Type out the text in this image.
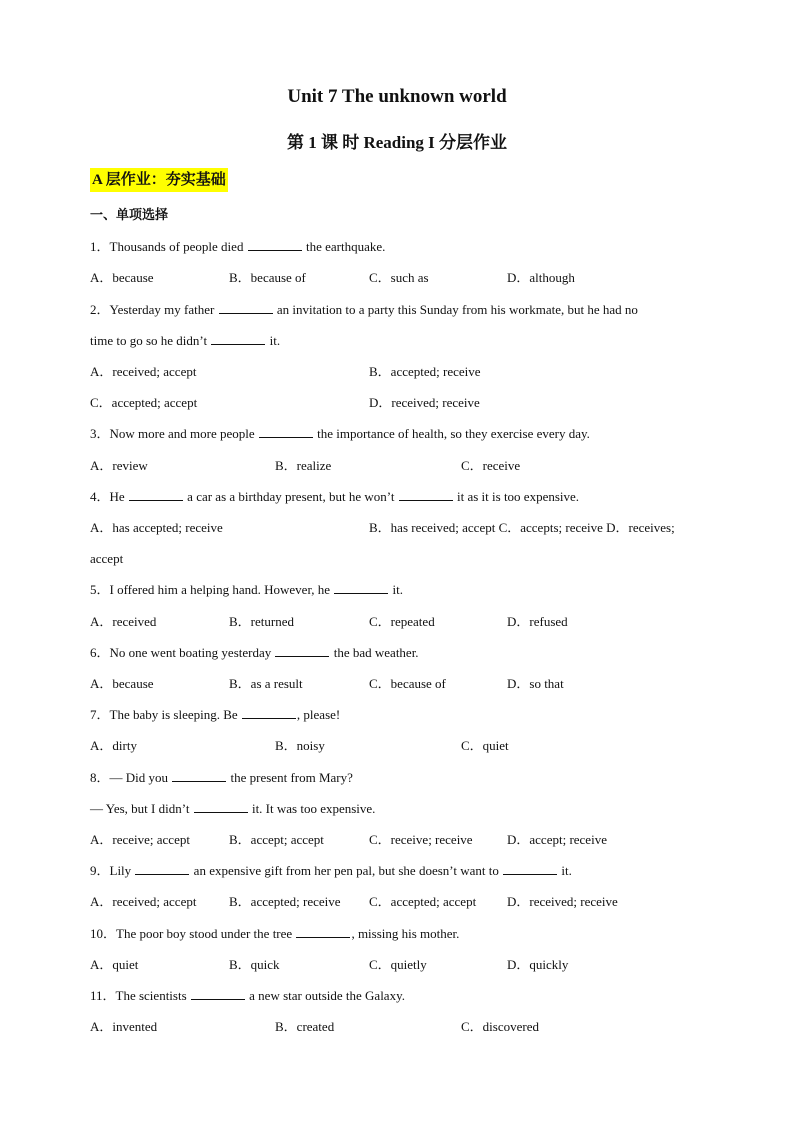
Unit 7 The unknown world
第 1 课 时 Reading I 分层作业
A 层作业：夯实基础
一、单项选择
1．Thousands of people died	the earthquake.
A．because	B．because of	C．such as	D．although
2．Yesterday my father	an invitation to a party this Sunday from his workmate, but he had no
time to go so he didn’t	it.
A．received; accept	B．accepted; receive
C．accepted; accept	D．received; receive
3．Now more and more people	the importance of health, so they exercise every day.
A．review	B．realize	C．receive
4．He	a car as a birthday present, but he won’t	it as it is too expensive.
A．has accepted; receive	B．has received; accept C．accepts; receive D．receives;
accept
5．I offered him a helping hand. However, he	it.
A．received	B．returned	C．repeated	D．refused
6．No one went boating yesterday	the bad weather.
A．because	B．as a result	C．because of	D．so that
7．The baby is sleeping. Be	, please!
A．dirty	B．noisy	C．quiet
8．— Did you	the present from Mary?
— Yes, but I didn’t	it. It was too expensive.
A．receive; accept	B．accept; accept	C．receive; receive	D．accept; receive
9．Lily	an expensive gift from her pen pal, but she doesn’t want to	it.
A．received; accept	B．accepted; receive C．accepted; accept D．received; receive
10．The poor boy stood under the tree	, missing his mother.
A．quiet	B．quick	C．quietly	D．quickly
11．The scientists	a new star outside the Galaxy.
A．invented	B．created	C．discovered
